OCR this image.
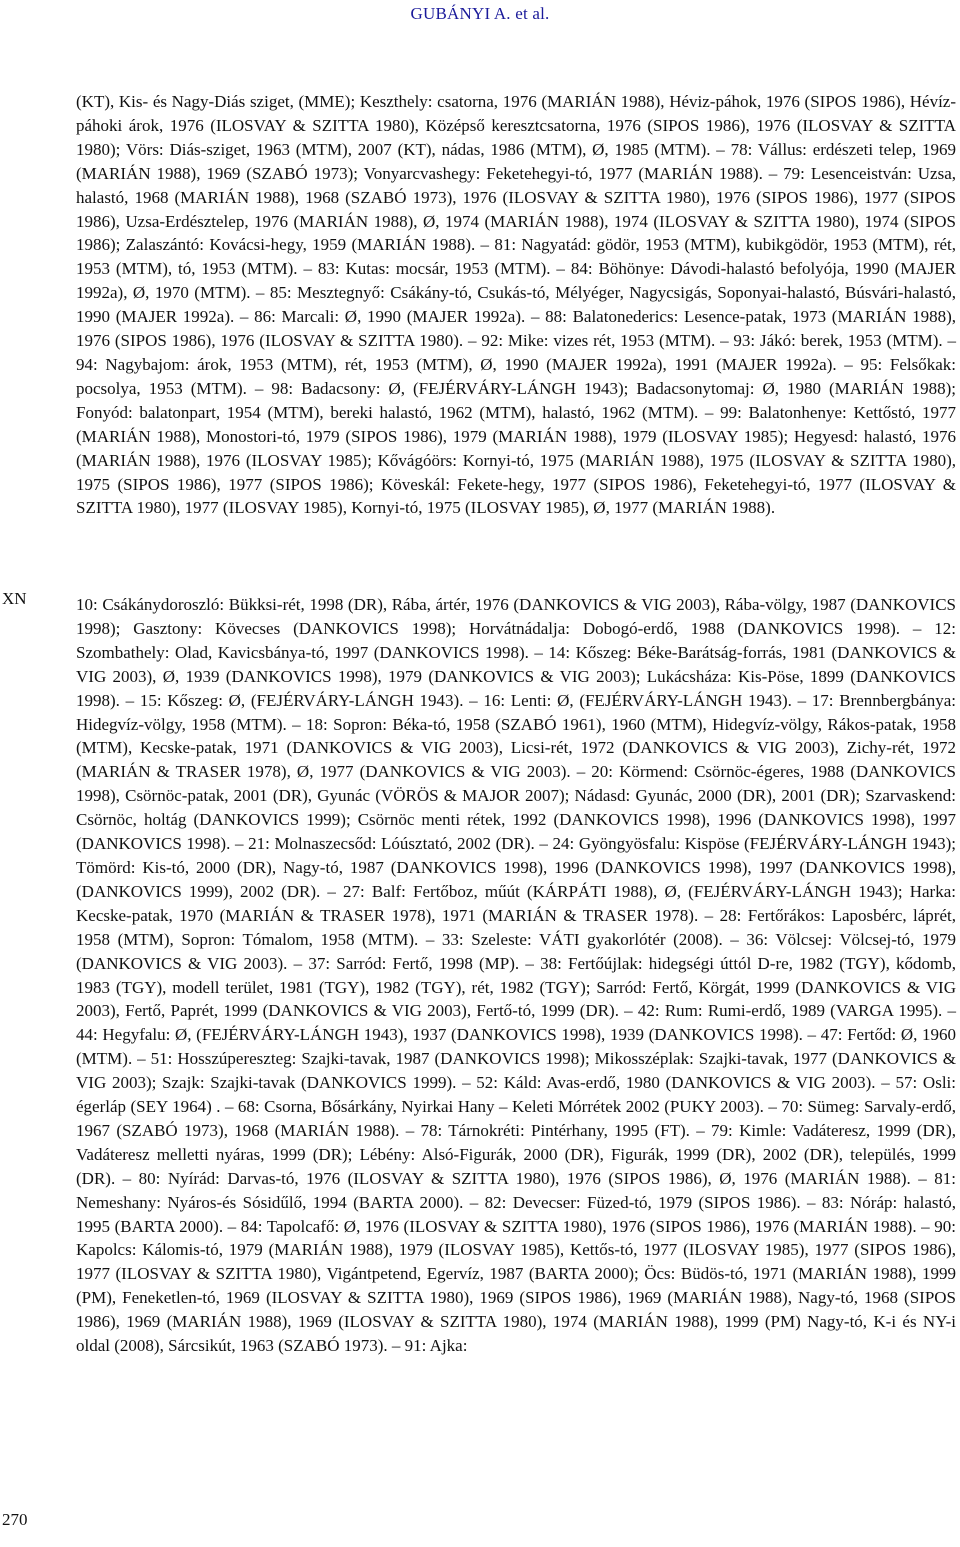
GUBÁNYI A. et al.
XN
270

(KT), Kis- és Nagy-Diás sziget, (MME); Keszthely: csatorna, 1976 (MARIÁN 1988), Héviz-páhok, 1976 (SIPOS 1986), Hévíz-páhoki árok, 1976 (ILOSVAY & SZITTA 1980), Középső keresztcsatorna, 1976 (SIPOS 1986), 1976 (ILOSVAY & SZITTA 1980); Vörs: Diás-sziget, 1963 (MTM), 2007 (KT), nádas, 1986 (MTM), Ø, 1985 (MTM). – 78: Vállus: erdészeti telep, 1969 (MARIÁN 1988), 1969 (SZABÓ 1973); Vonyarcvashegy: Feketehegyi-tó, 1977 (MARIÁN 1988). – 79: Lesenceistván: Uzsa, halastó, 1968 (MARIÁN 1988), 1968 (SZABÓ 1973), 1976 (ILOSVAY & SZITTA 1980), 1976 (SIPOS 1986), 1977 (SIPOS 1986), Uzsa-Erdésztelep, 1976 (MARIÁN 1988), Ø, 1974 (MARIÁN 1988), 1974 (ILOSVAY & SZITTA 1980), 1974 (SIPOS 1986); Zalaszántó: Kovácsi-hegy, 1959 (MARIÁN 1988). – 81: Nagyatád: gödör, 1953 (MTM), kubikgödör, 1953 (MTM), rét, 1953 (MTM), tó, 1953 (MTM). – 83: Kutas: mocsár, 1953 (MTM). – 84: Böhönye: Dávodi-halastó befolyója, 1990 (MAJER 1992a), Ø, 1970 (MTM). – 85: Mesztegnyő: Csákány-tó, Csukás-tó, Mélyéger, Nagycsigás, Soponyai-halastó, Búsvári-halastó, 1990 (MAJER 1992a). – 86: Marcali: Ø, 1990 (MAJER 1992a). – 88: Balatonederics: Lesence-patak, 1973 (MARIÁN 1988), 1976 (SIPOS 1986), 1976 (ILOSVAY & SZITTA 1980). – 92: Mike: vizes rét, 1953 (MTM). – 93: Jákó: berek, 1953 (MTM). – 94: Nagybajom: árok, 1953 (MTM), rét, 1953 (MTM), Ø, 1990 (MAJER 1992a), 1991 (MAJER 1992a). – 95: Felsőkak: pocsolya, 1953 (MTM). – 98: Badacsony: Ø, (FEJÉRVÁRY-LÁNGH 1943); Badacsonytomaj: Ø, 1980 (MARIÁN 1988); Fonyód: balatonpart, 1954 (MTM), bereki halastó, 1962 (MTM), halastó, 1962 (MTM). – 99: Balatonhenye: Kettőstó, 1977 (MARIÁN 1988), Monostori-tó, 1979 (SIPOS 1986), 1979 (MARIÁN 1988), 1979 (ILOSVAY 1985); Hegyesd: halastó, 1976 (MARIÁN 1988), 1976 (ILOSVAY 1985); Kővágóörs: Kornyi-tó, 1975 (MARIÁN 1988), 1975 (ILOSVAY & SZITTA 1980), 1975 (SIPOS 1986), 1977 (SIPOS 1986); Köveskál: Fekete-hegy, 1977 (SIPOS 1986), Feketehegyi-tó, 1977 (ILOSVAY & SZITTA 1980), 1977 (ILOSVAY 1985), Kornyi-tó, 1975 (ILOSVAY 1985), Ø, 1977 (MARIÁN 1988).

10: Csákánydoroszló: Bükksi-rét, 1998 (DR), Rába, ártér, 1976 (DANKOVICS & VIG 2003), Rába-völgy, 1987 (DANKOVICS 1998); Gasztony: Kövecses (DANKOVICS 1998); Horvátnádalja: Dobogó-erdő, 1988 (DANKOVICS 1998). – 12: Szombathely: Olad, Kavicsbánya-tó, 1997 (DANKOVICS 1998). – 14: Kőszeg: Béke-Barátság-forrás, 1981 (DANKOVICS & VIG 2003), Ø, 1939 (DANKOVICS 1998), 1979 (DANKOVICS & VIG 2003); Lukácsháza: Kis-Pöse, 1899 (DANKOVICS 1998). – 15: Kőszeg: Ø, (FEJÉRVÁRY-LÁNGH 1943). – 16: Lenti: Ø, (FEJÉRVÁRY-LÁNGH 1943). – 17: Brennbergbánya: Hidegvíz-völgy, 1958 (MTM). – 18: Sopron: Béka-tó, 1958 (SZABÓ 1961), 1960 (MTM), Hidegvíz-völgy, Rákos-patak, 1958 (MTM), Kecske-patak, 1971 (DANKOVICS & VIG 2003), Licsi-rét, 1972 (DANKOVICS & VIG 2003), Zichy-rét, 1972 (MARIÁN & TRASER 1978), Ø, 1977 (DANKOVICS & VIG 2003). – 20: Körmend: Csörnöc-égeres, 1988 (DANKOVICS 1998), Csörnöc-patak, 2001 (DR), Gyunác (VÖRÖS & MAJOR 2007); Nádasd: Gyunác, 2000 (DR), 2001 (DR); Szarvaskend: Csörnöc, holtág (DANKOVICS 1999); Csörnöc menti rétek, 1992 (DANKOVICS 1998), 1996 (DANKOVICS 1998), 1997 (DANKOVICS 1998). – 21: Molnaszecsőd: Lóúsztató, 2002 (DR). – 24: Gyöngyösfalu: Kispöse (FEJÉRVÁRY-LÁNGH 1943); Tömörd: Kis-tó, 2000 (DR), Nagy-tó, 1987 (DANKOVICS 1998), 1996 (DANKOVICS 1998), 1997 (DANKOVICS 1998), (DANKOVICS 1999), 2002 (DR). – 27: Balf: Fertőboz, műút (KÁRPÁTI 1988), Ø, (FEJÉRVÁRY-LÁNGH 1943); Harka: Kecske-patak, 1970 (MARIÁN & TRASER 1978), 1971 (MARIÁN & TRASER 1978). – 28: Fertőrákos: Laposbérc, láprét, 1958 (MTM), Sopron: Tómalom, 1958 (MTM). – 33: Szeleste: VÁTI gyakorlótér (2008). – 36: Völcsej: Völcsej-tó, 1979 (DANKOVICS & VIG 2003). – 37: Sarród: Fertő, 1998 (MP). – 38: Fertőújlak: hidegségi úttól D-re, 1982 (TGY), kődomb, 1983 (TGY), modell terület, 1981 (TGY), 1982 (TGY), rét, 1982 (TGY); Sarród: Fertő, Körgát, 1999 (DANKOVICS & VIG 2003), Fertő, Paprét, 1999 (DANKOVICS & VIG 2003), Fertő-tó, 1999 (DR). – 42: Rum: Rumi-erdő, 1989 (VARGA 1995). – 44: Hegyfalu: Ø, (FEJÉRVÁRY-LÁNGH 1943), 1937 (DANKOVICS 1998), 1939 (DANKOVICS 1998). – 47: Fertőd: Ø, 1960 (MTM). – 51: Hosszúpereszteg: Szajki-tavak, 1987 (DANKOVICS 1998); Mikosszéplak: Szajki-tavak, 1977 (DANKOVICS & VIG 2003); Szajk: Szajki-tavak (DANKOVICS 1999). – 52: Káld: Avas-erdő, 1980 (DANKOVICS & VIG 2003). – 57: Osli: égerláp (SEY 1964) . – 68: Csorna, Bősárkány, Nyirkai Hany – Keleti Mórrétek 2002 (PUKY 2003). – 70: Sümeg: Sarvaly-erdő, 1967 (SZABÓ 1973), 1968 (MARIÁN 1988). – 78: Tárnokréti: Pintérhany, 1995 (FT). – 79: Kimle: Vadáteresz, 1999 (DR), Vadáteresz melletti nyáras, 1999 (DR); Lébény: Alsó-Figurák, 2000 (DR), Figurák, 1999 (DR), 2002 (DR), település, 1999 (DR). – 80: Nyírád: Darvas-tó, 1976 (ILOSVAY & SZITTA 1980), 1976 (SIPOS 1986), Ø, 1976 (MARIÁN 1988). – 81: Nemeshany: Nyáros-és Sósidűlő, 1994 (BARTA 2000). – 82: Devecser: Füzed-tó, 1979 (SIPOS 1986). – 83: Nóráp: halastó, 1995 (BARTA 2000). – 84: Tapolcafő: Ø, 1976 (ILOSVAY & SZITTA 1980), 1976 (SIPOS 1986), 1976 (MARIÁN 1988). – 90: Kapolcs: Kálomis-tó, 1979 (MARIÁN 1988), 1979 (ILOSVAY 1985), Kettős-tó, 1977 (ILOSVAY 1985), 1977 (SIPOS 1986), 1977 (ILOSVAY & SZITTA 1980), Vigántpetend, Egervíz, 1987 (BARTA 2000); Öcs: Büdös-tó, 1971 (MARIÁN 1988), 1999 (PM), Feneketlen-tó, 1969 (ILOSVAY & SZITTA 1980), 1969 (SIPOS 1986), 1969 (MARIÁN 1988), Nagy-tó, 1968 (SIPOS 1986), 1969 (MARIÁN 1988), 1969 (ILOSVAY & SZITTA 1980), 1974 (MARIÁN 1988), 1999 (PM) Nagy-tó, K-i és NY-i oldal (2008), Sárcsikút, 1963 (SZABÓ 1973). – 91: Ajka:
